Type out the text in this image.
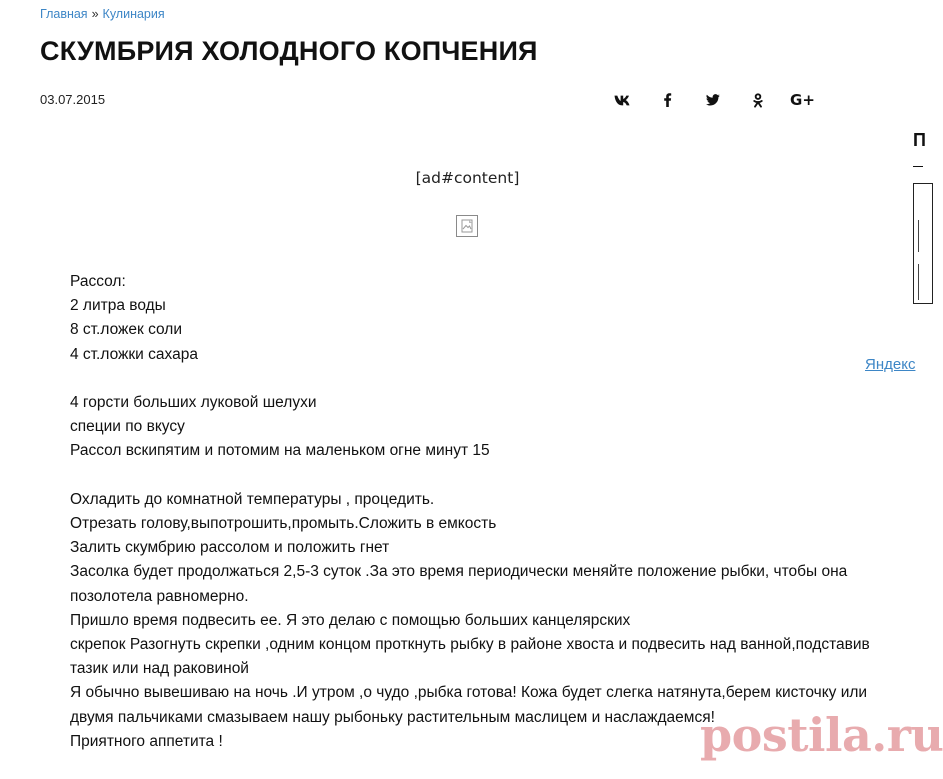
Главная » Кулинария
СКУМБРИЯ ХОЛОДНОГО КОПЧЕНИЯ
03.07.2015	G+
[ad#content]

Рассол:
2 литра воды
8 ст.ложек соли
4 ст.ложки сахара

4 горсти больших луковой шелухи
специи по вкусу
Рассол вскипятим и потомим на маленьком огне минут 15

Охладить до комнатной температуры , процедить.
Отрезать голову,выпотрошить,промыть.Сложить в емкость
Залить скумбрию рассолом и положить гнет
Засолка будет продолжаться 2,5-3 суток .За это время периодически меняйте положение рыбки, чтобы она позолотела равномерно.
Пришло время подвесить ее. Я это делаю с помощью больших канцелярских
скрепок Разогнуть скрепки ,одним концом проткнуть рыбку в районе хвоста и подвесить над ванной,подставив тазик или над раковиной
Я обычно вывешиваю на ночь .И утром ,о чудо ,рыбка готова! Кожа будет слегка натянута,берем кисточку или двумя пальчиками смазываем нашу рыбоньку растительным маслицем и наслаждаемся!
Приятного аппетита !

П
Яндекс
postila.ru
